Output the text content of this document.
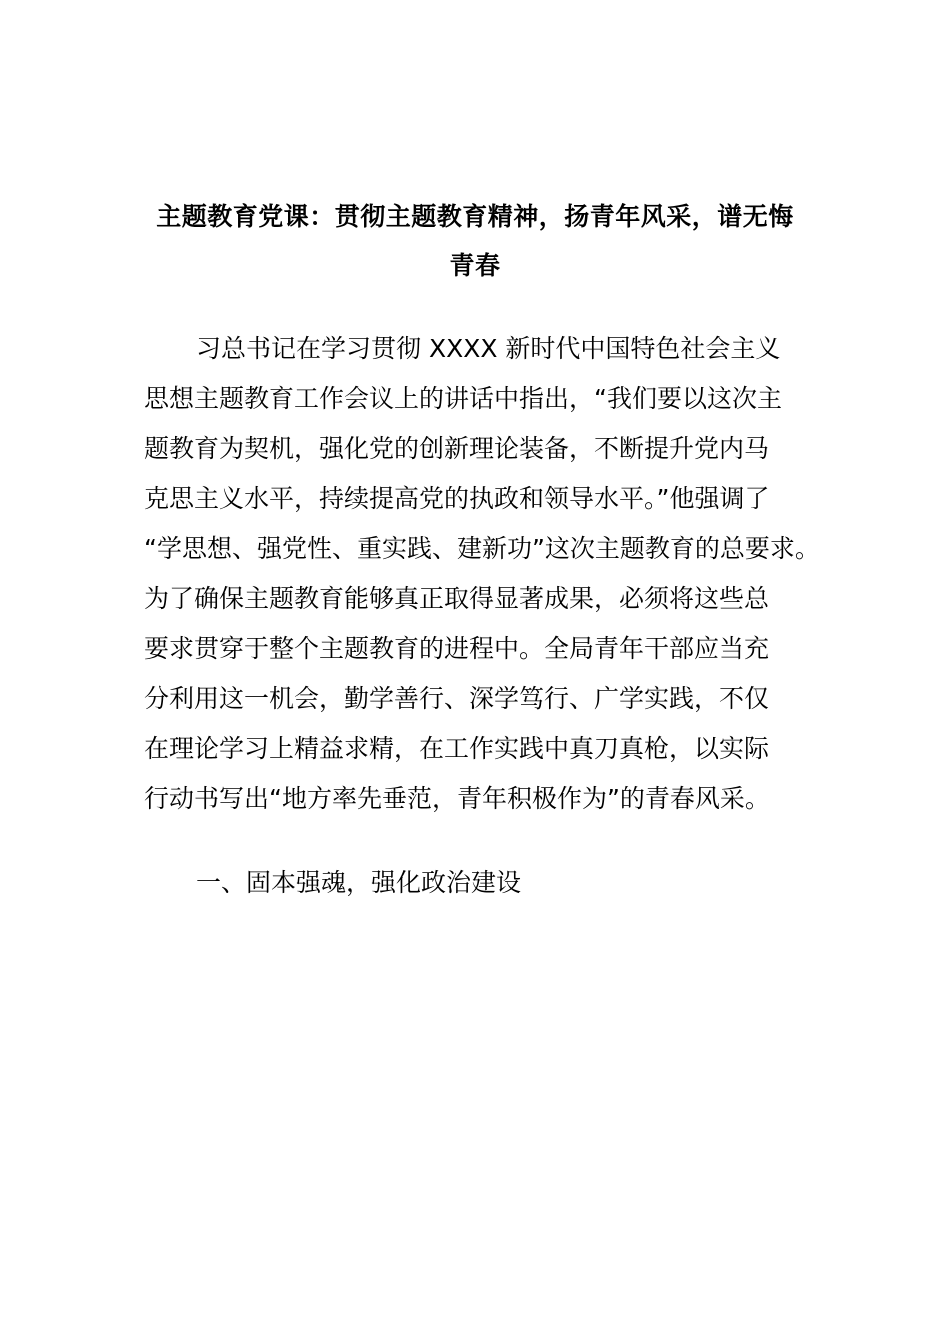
主题教育党课：贯彻主题教育精神，扬青年风采，谱无悔
青春
习总书记在学习贯彻 XXXX 新时代中国特色社会主义
思想主题教育工作会议上的讲话中指出，“我们要以这次主
题教育为契机，强化党的创新理论装备，不断提升党内马
克思主义水平，持续提高党的执政和领导水平。”他强调了
“学思想、强党性、重实践、建新功”这次主题教育的总要求。
为了确保主题教育能够真正取得显著成果，必须将这些总
要求贯穿于整个主题教育的进程中。全局青年干部应当充
分利用这一机会，勤学善行、深学笃行、广学实践，不仅
在理论学习上精益求精，在工作实践中真刀真枪，以实际
行动书写出“地方率先垂范，青年积极作为”的青春风采。
一、固本强魂，强化政治建设
